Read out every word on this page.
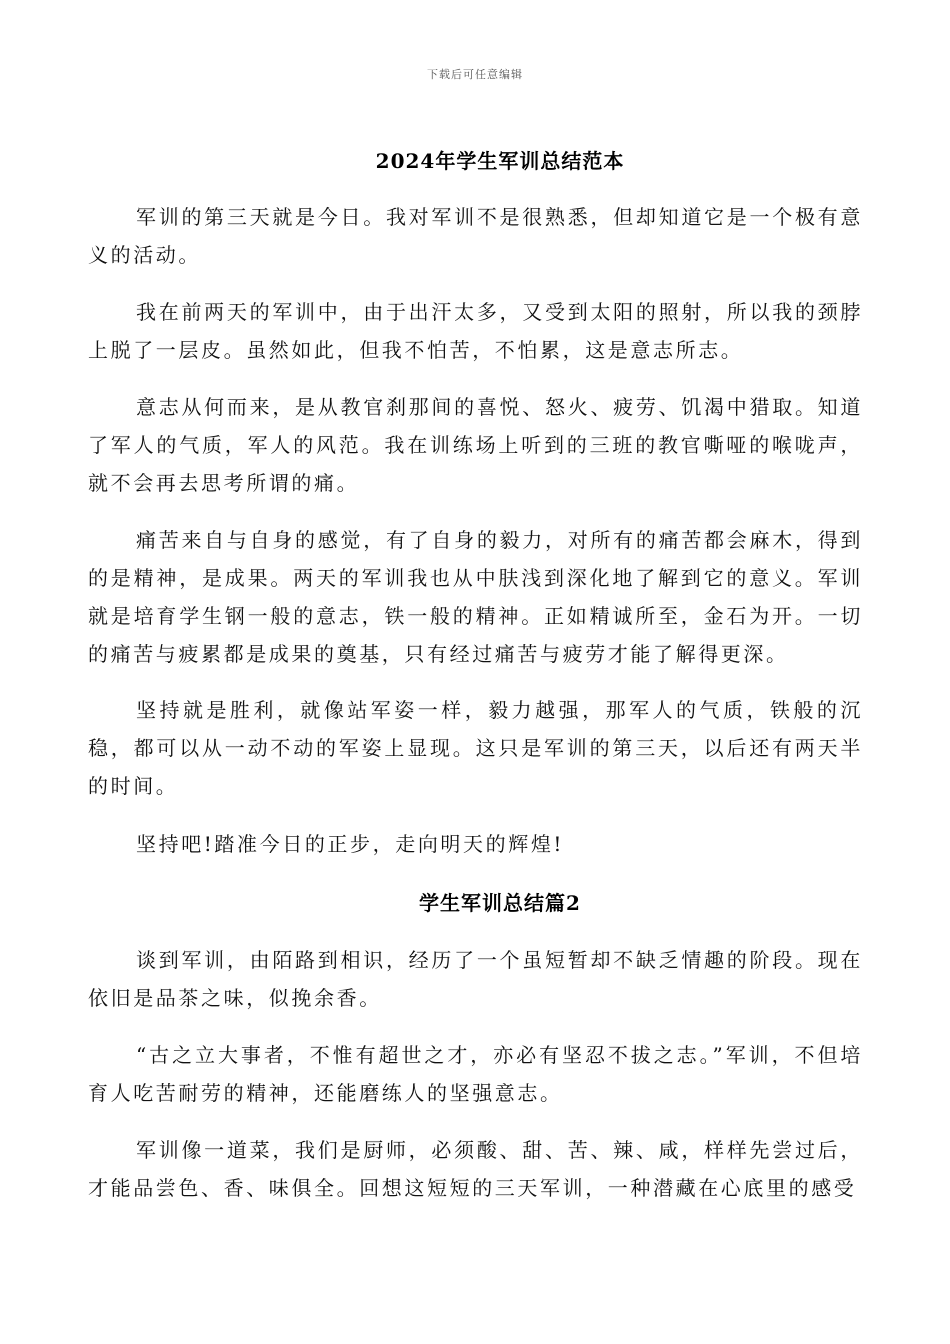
下载后可任意编辑
2024年学生军训总结范本

军训的第三天就是今日。我对军训不是很熟悉，但却知道它是一个极有意义的活动。

我在前两天的军训中，由于出汗太多，又受到太阳的照射，所以我的颈脖上脱了一层皮。虽然如此，但我不怕苦，不怕累，这是意志所志。

意志从何而来，是从教官刹那间的喜悦、怒火、疲劳、饥渴中猎取。知道了军人的气质，军人的风范。我在训练场上听到的三班的教官嘶哑的喉咙声，就不会再去思考所谓的痛。

痛苦来自与自身的感觉，有了自身的毅力，对所有的痛苦都会麻木，得到的是精神，是成果。两天的军训我也从中肤浅到深化地了解到它的意义。军训就是培育学生钢一般的意志，铁一般的精神。正如精诚所至，金石为开。一切的痛苦与疲累都是成果的奠基，只有经过痛苦与疲劳才能了解得更深。

坚持就是胜利，就像站军姿一样，毅力越强，那军人的气质，铁般的沉稳，都可以从一动不动的军姿上显现。这只是军训的第三天，以后还有两天半的时间。

坚持吧!踏准今日的正步，走向明天的辉煌!

学生军训总结篇2

谈到军训，由陌路到相识，经历了一个虽短暂却不缺乏情趣的阶段。现在依旧是品茶之味，似挽余香。

“古之立大事者，不惟有超世之才，亦必有坚忍不拔之志。”军训，不但培育人吃苦耐劳的精神，还能磨练人的坚强意志。

军训像一道菜，我们是厨师，必须酸、甜、苦、辣、咸，样样先尝过后，才能品尝色、香、味俱全。回想这短短的三天军训，一种潜藏在心底里的感受
